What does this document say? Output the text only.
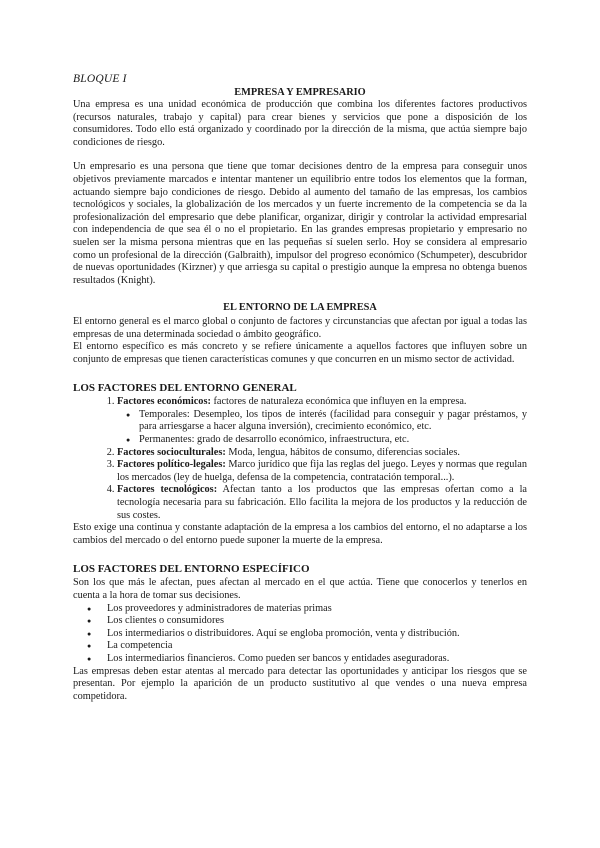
BLOQUE I
EMPRESA Y EMPRESARIO

Una empresa es una unidad económica de producción que combina los diferentes factores productivos (recursos naturales, trabajo y capital) para crear bienes y servicios que pone a disposición de los consumidores. Todo ello está organizado y coordinado por la dirección de la misma, que actúa siempre bajo condiciones de riesgo.

Un empresario es una persona que tiene que tomar decisiones dentro de la empresa para conseguir unos objetivos previamente marcados e intentar mantener un equilibrio entre todos los elementos que la forman, actuando siempre bajo condiciones de riesgo. Debido al aumento del tamaño de las empresas, los cambios tecnológicos y sociales, la globalización de los mercados y un fuerte incremento de la competencia se da la profesionalización del empresario que debe planificar, organizar, dirigir y controlar la actividad empresarial con independencia de que sea él o no el propietario. En las grandes empresas propietario y empresario no suelen ser la misma persona mientras que en las pequeñas sí suelen serlo. Hoy se considera al empresario como un profesional de la dirección (Galbraith), impulsor del progreso económico (Schumpeter), descubridor de nuevas oportunidades (Kirzner) y que arriesga su capital o prestigio aunque la empresa no obtenga buenos resultados (Knight).

EL ENTORNO DE LA EMPRESA

El entorno general es el marco global o conjunto de factores y circunstancias que afectan por igual a todas las empresas de una determinada sociedad o ámbito geográfico.

El entorno específico es más concreto y se refiere únicamente a aquellos factores que influyen sobre un conjunto de empresas que tienen características comunes y que concurren en un mismo sector de actividad.

LOS FACTORES DEL ENTORNO GENERAL
1. Factores económicos: factores de naturaleza económica que influyen en la empresa.
● Temporales: Desempleo, los tipos de interés (facilidad para conseguir y pagar préstamos, y para arriesgarse a hacer alguna inversión), crecimiento económico, etc.
● Permanentes: grado de desarrollo económico, infraestructura, etc.
2. Factores socioculturales: Moda, lengua, hábitos de consumo, diferencias sociales.
3. Factores político-legales: Marco jurídico que fija las reglas del juego. Leyes y normas que regulan los mercados (ley de huelga, defensa de la competencia, contratación temporal...).
4. Factores tecnológicos: Afectan tanto a los productos que las empresas ofertan como a la tecnología necesaria para su fabricación. Ello facilita la mejora de los productos y la reducción de sus costes.

Esto exige una continua y constante adaptación de la empresa a los cambios del entorno, el no adaptarse a los cambios del mercado o del entorno puede suponer la muerte de la empresa.

LOS FACTORES DEL ENTORNO ESPECÍFICO

Son los que más le afectan, pues afectan al mercado en el que actúa. Tiene que conocerlos y tenerlos en cuenta a la hora de tomar sus decisiones.

● Los proveedores y administradores de materias primas
● Los clientes o consumidores
● Los intermediarios o distribuidores. Aquí se engloba promoción, venta y distribución.
● La competencia
● Los intermediarios financieros. Como pueden ser bancos y entidades aseguradoras.

Las empresas deben estar atentas al mercado para detectar las oportunidades y anticipar los riesgos que se presentan. Por ejemplo la aparición de un producto sustitutivo al que vendes o una nueva empresa competidora.
